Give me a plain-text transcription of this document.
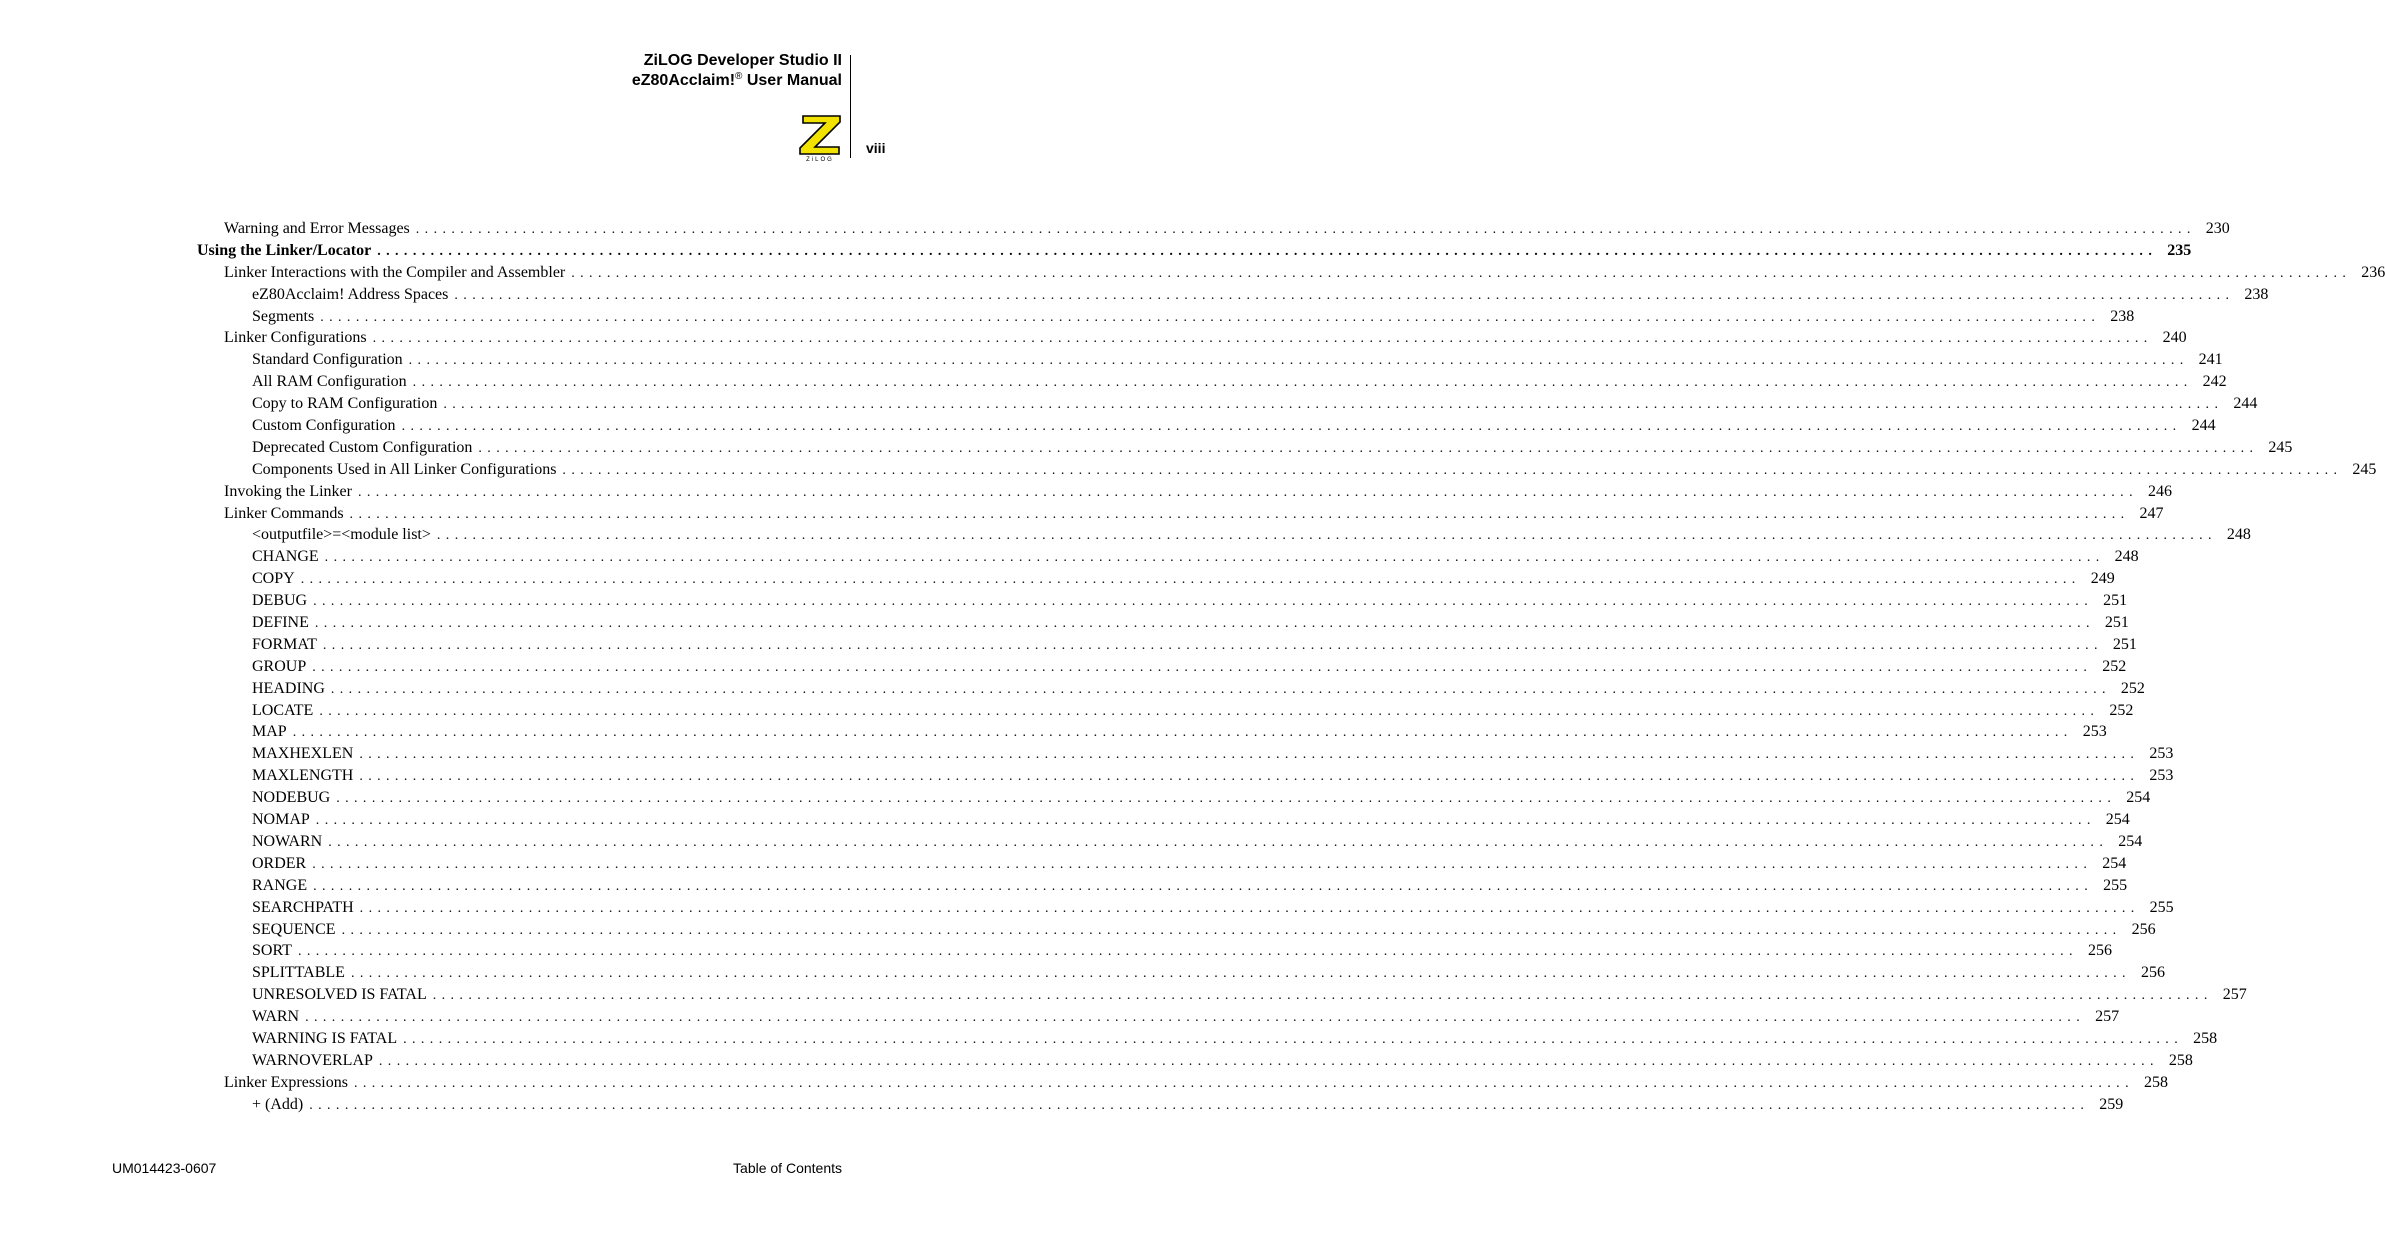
ZiLOG Developer Studio II
eZ80Acclaim!® User Manual
ZiLOG
viii
Warning and Error Messages ........................................................................................................................................................................................................ 230
Using the Linker/Locator ........................................................................................................................................................................................................ 235
Linker Interactions with the Compiler and Assembler ........................................................................................................................................................................................................ 236
eZ80Acclaim! Address Spaces ........................................................................................................................................................................................................ 238
Segments ........................................................................................................................................................................................................ 238
Linker Configurations ........................................................................................................................................................................................................ 240
Standard Configuration ........................................................................................................................................................................................................ 241
All RAM Configuration ........................................................................................................................................................................................................ 242
Copy to RAM Configuration ........................................................................................................................................................................................................ 244
Custom Configuration ........................................................................................................................................................................................................ 244
Deprecated Custom Configuration ........................................................................................................................................................................................................ 245
Components Used in All Linker Configurations ........................................................................................................................................................................................................ 245
Invoking the Linker ........................................................................................................................................................................................................ 246
Linker Commands ........................................................................................................................................................................................................ 247
<outputfile>=<module list> ........................................................................................................................................................................................................ 248
CHANGE ........................................................................................................................................................................................................ 248
COPY ........................................................................................................................................................................................................ 249
DEBUG ........................................................................................................................................................................................................ 251
DEFINE ........................................................................................................................................................................................................ 251
FORMAT ........................................................................................................................................................................................................ 251
GROUP ........................................................................................................................................................................................................ 252
HEADING ........................................................................................................................................................................................................ 252
LOCATE ........................................................................................................................................................................................................ 252
MAP ........................................................................................................................................................................................................ 253
MAXHEXLEN ........................................................................................................................................................................................................ 253
MAXLENGTH ........................................................................................................................................................................................................ 253
NODEBUG ........................................................................................................................................................................................................ 254
NOMAP ........................................................................................................................................................................................................ 254
NOWARN ........................................................................................................................................................................................................ 254
ORDER ........................................................................................................................................................................................................ 254
RANGE ........................................................................................................................................................................................................ 255
SEARCHPATH ........................................................................................................................................................................................................ 255
SEQUENCE ........................................................................................................................................................................................................ 256
SORT ........................................................................................................................................................................................................ 256
SPLITTABLE ........................................................................................................................................................................................................ 256
UNRESOLVED IS FATAL ........................................................................................................................................................................................................ 257
WARN ........................................................................................................................................................................................................ 257
WARNING IS FATAL ........................................................................................................................................................................................................ 258
WARNOVERLAP ........................................................................................................................................................................................................ 258
Linker Expressions ........................................................................................................................................................................................................ 258
+ (Add) ........................................................................................................................................................................................................ 259
UM014423-0607	Table of Contents
